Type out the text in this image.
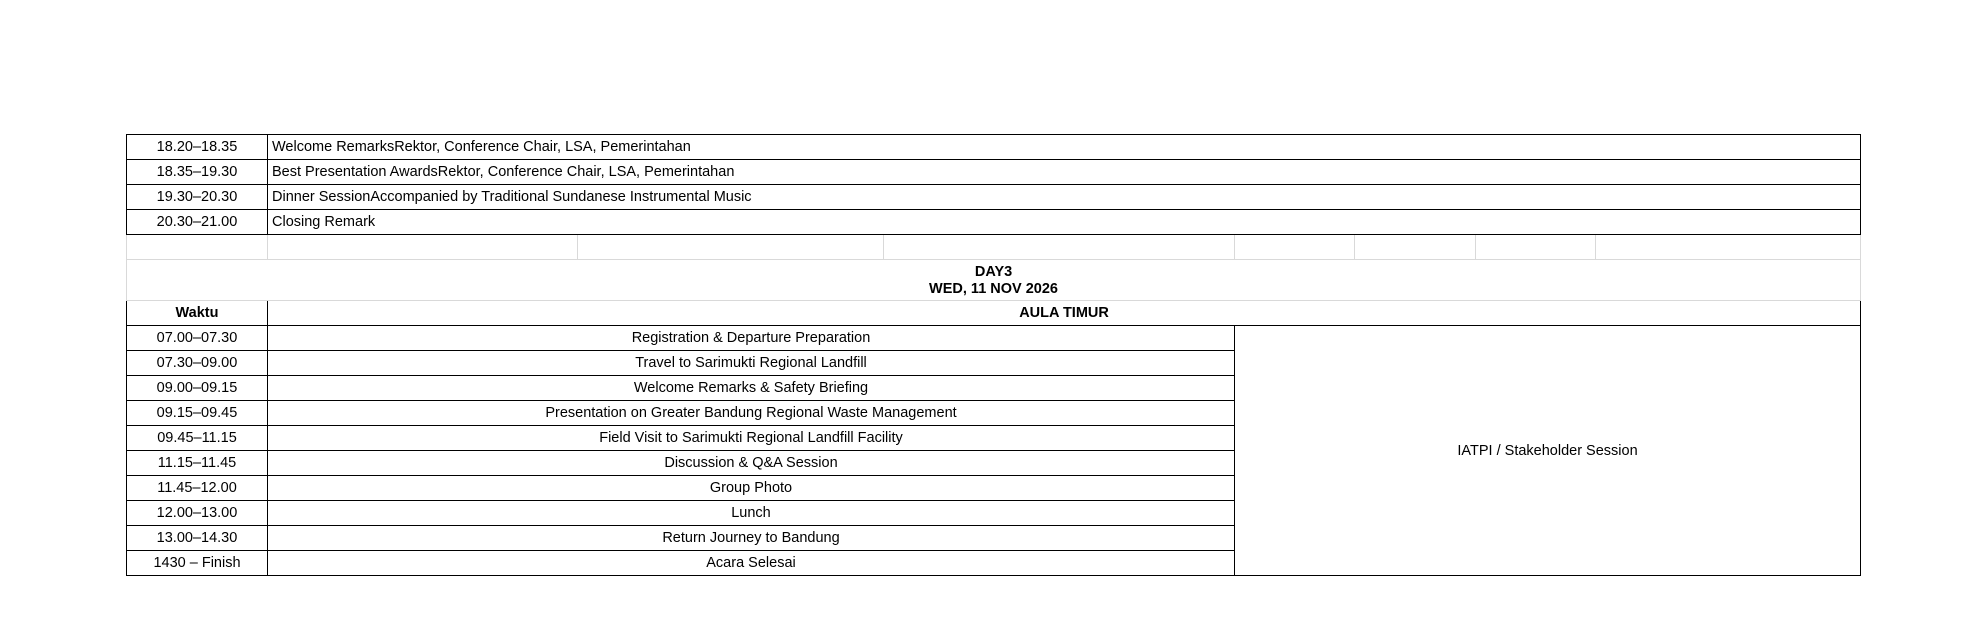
18.20–18.35	Welcome RemarksRektor, Conference Chair, LSA, Pemerintahan						
18.35–19.30	Best Presentation AwardsRektor, Conference Chair, LSA, Pemerintahan						
19.30–20.30	Dinner SessionAccompanied by Traditional Sundanese Instrumental Music						
20.30–21.00	Closing Remark						

DAY3
WED, 11 NOV 2026							

Waktu	AULA TIMUR						
07.00–07.30	Registration & Departure Preparation			IATPI / Stakeholder Session			
07.30–09.00	Travel to Sarimukti Regional Landfill						
09.00–09.15	Welcome Remarks & Safety Briefing						
09.15–09.45	Presentation on Greater Bandung Regional Waste Management						
09.45–11.15	Field Visit to Sarimukti Regional Landfill Facility						
11.15–11.45	Discussion & Q&A Session						
11.45–12.00	Group Photo						
12.00–13.00	Lunch						
13.00–14.30	Return Journey to Bandung						
1430 – Finish	Acara Selesai						
